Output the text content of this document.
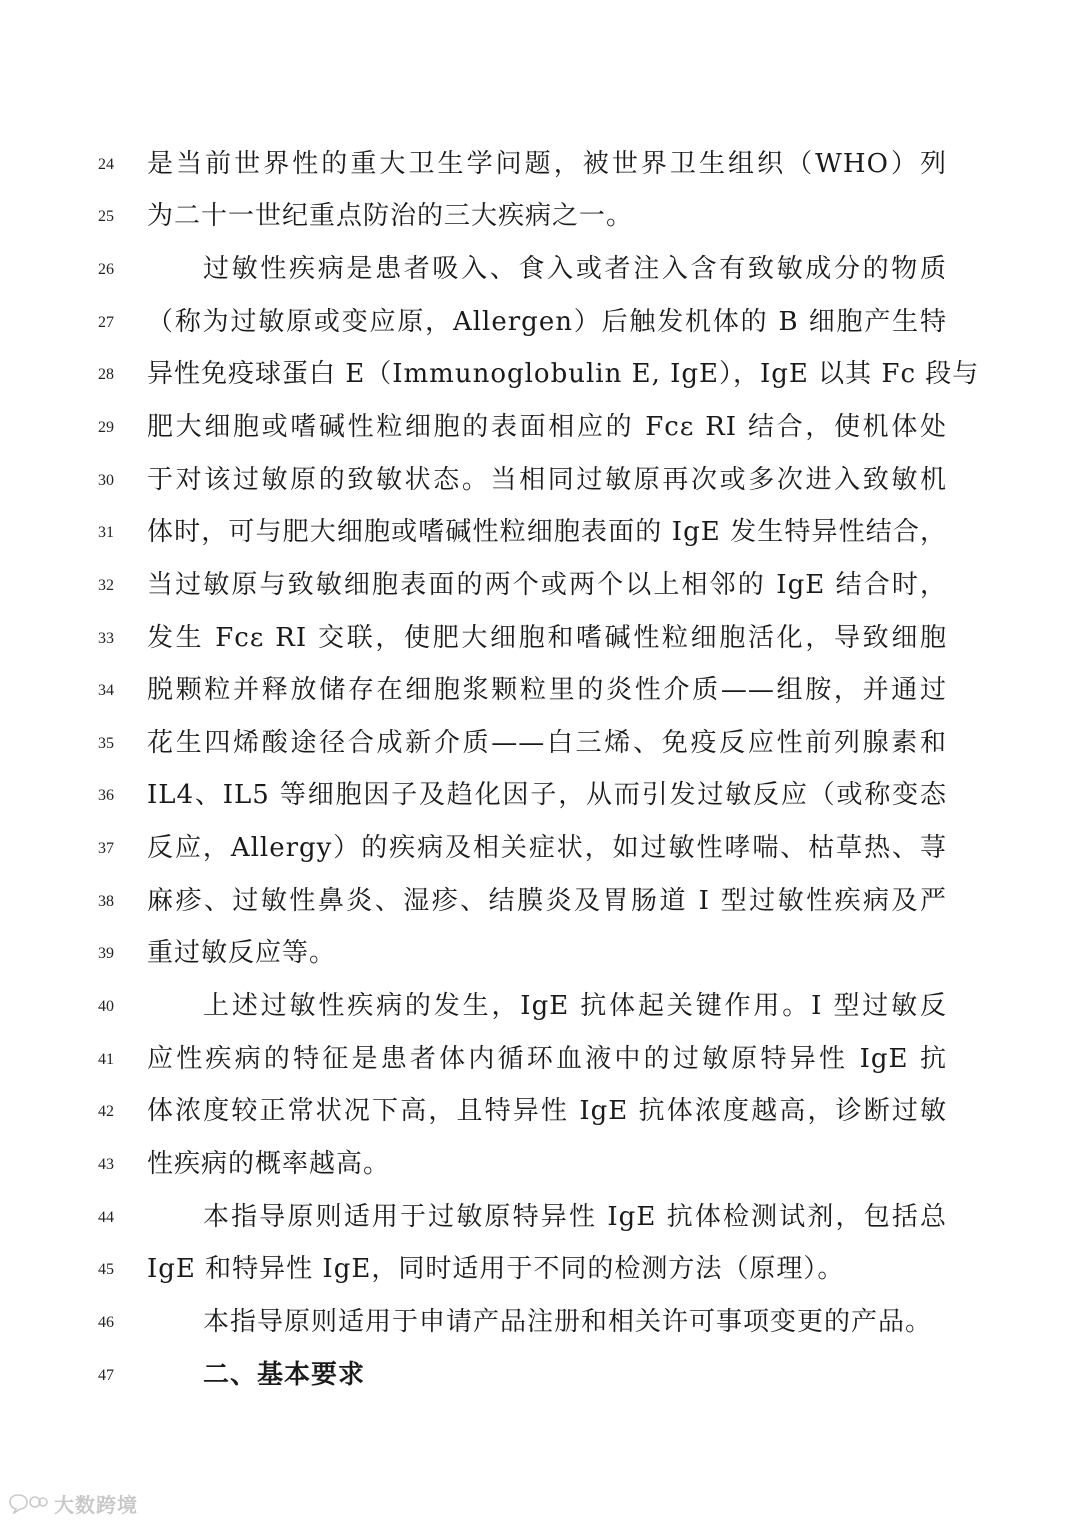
24 是当前世界性的重大卫生学问题，被世界卫生组织（WHO）列
25 为二十一世纪重点防治的三大疾病之一。
26	过敏性疾病是患者吸入、食入或者注入含有致敏成分的物质
27 （称为过敏原或变应原，Allergen）后触发机体的 B 细胞产生特
28 异性免疫球蛋白 E（Immunoglobulin E, IgE），IgE 以其 Fc 段与
29 肥大细胞或嗜碱性粒细胞的表面相应的 Fcε RI 结合，使机体处
30 于对该过敏原的致敏状态。当相同过敏原再次或多次进入致敏机
31 体时，可与肥大细胞或嗜碱性粒细胞表面的 IgE 发生特异性结合，
32 当过敏原与致敏细胞表面的两个或两个以上相邻的 IgE 结合时，
33 发生 Fcε RI 交联，使肥大细胞和嗜碱性粒细胞活化，导致细胞
34 脱颗粒并释放储存在细胞浆颗粒里的炎性介质——组胺，并通过
35 花生四烯酸途径合成新介质——白三烯、免疫反应性前列腺素和
36 IL4、IL5 等细胞因子及趋化因子，从而引发过敏反应（或称变态
37 反应，Allergy）的疾病及相关症状，如过敏性哮喘、枯草热、荨
38 麻疹、过敏性鼻炎、湿疹、结膜炎及胃肠道 I 型过敏性疾病及严
39 重过敏反应等。
40	上述过敏性疾病的发生，IgE 抗体起关键作用。I 型过敏反
41 应性疾病的特征是患者体内循环血液中的过敏原特异性 IgE 抗
42 体浓度较正常状况下高，且特异性 IgE 抗体浓度越高，诊断过敏
43 性疾病的概率越高。
44	本指导原则适用于过敏原特异性 IgE 抗体检测试剂，包括总
45 IgE 和特异性 IgE，同时适用于不同的检测方法（原理）。
46	本指导原则适用于申请产品注册和相关许可事项变更的产品。
47	二、基本要求
大数跨境
